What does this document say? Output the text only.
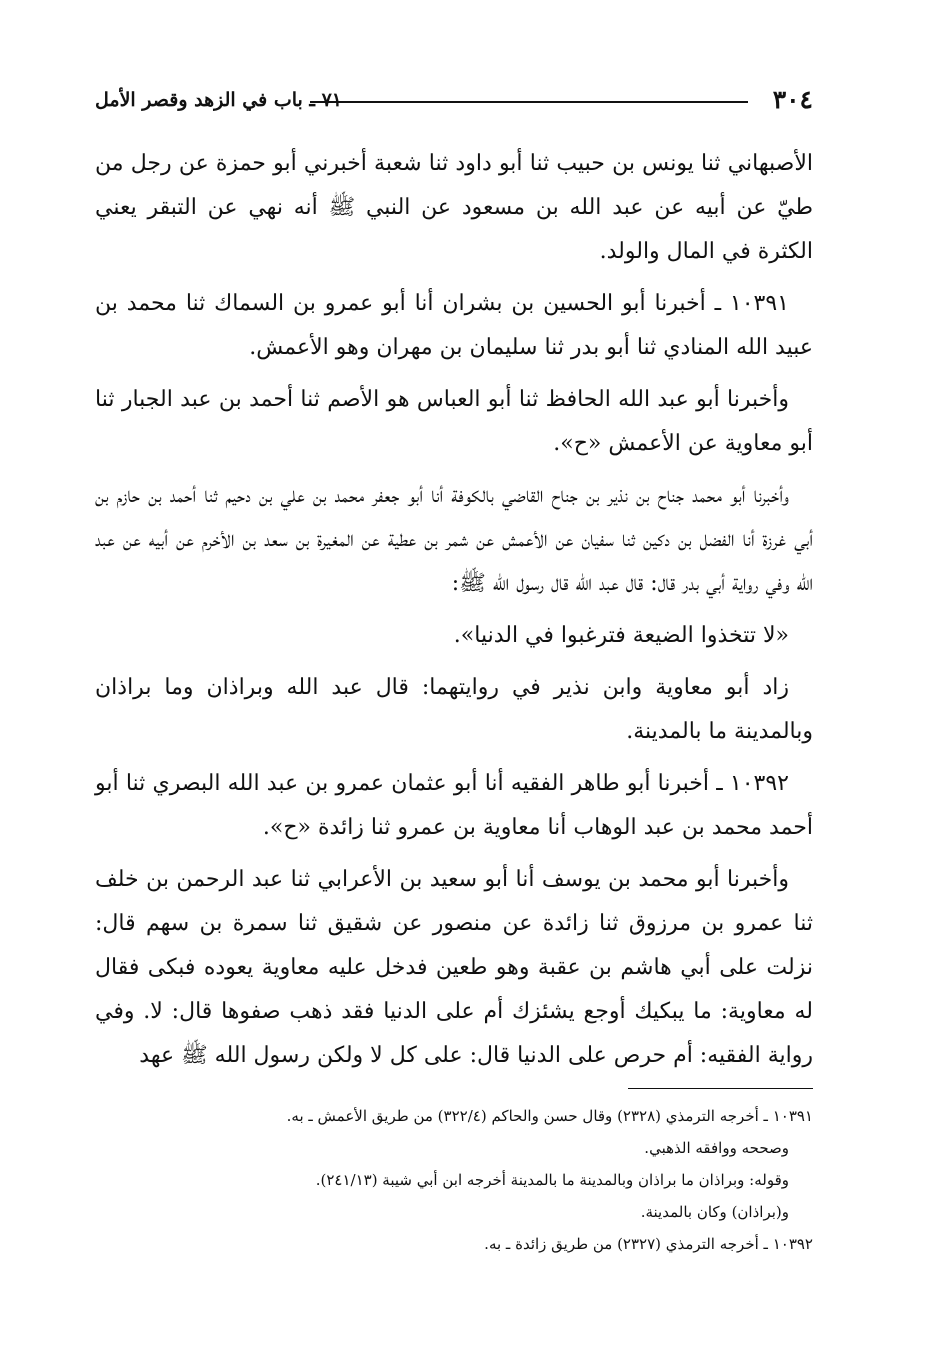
٣٠٤
٧١ ـ باب في الزهد وقصر الأمل

الأصبهاني ثنا يونس بن حبيب ثنا أبو داود ثنا شعبة أخبرني أبو حمزة عن رجل من طيّ عن أبيه عن عبد الله بن مسعود عن النبي ﷺ أنه نهي عن التبقر يعني الكثرة في المال والولد.

١٠٣٩١ ـ أخبرنا أبو الحسين بن بشران أنا أبو عمرو بن السماك ثنا محمد بن عبيد الله المنادي ثنا أبو بدر ثنا سليمان بن مهران وهو الأعمش.

وأخبرنا أبو عبد الله الحافظ ثنا أبو العباس هو الأصم ثنا أحمد بن عبد الجبار ثنا أبو معاوية عن الأعمش «ح».

وأخبرنا أبو محمد جناح بن نذير بن جناح القاضي بالكوفة أنا أبو جعفر محمد بن علي بن دحيم ثنا أحمد بن حازم بن أبي غرزة أنا الفضل بن دكين ثنا سفيان عن الأعمش عن شمر بن عطية عن المغيرة بن سعد بن الأخرم عن أبيه عن عبد الله وفي رواية أبي بدر قال: قال عبد الله قال رسول الله ﷺ:

«لا تتخذوا الضيعة فترغبوا في الدنيا».

زاد أبو معاوية وابن نذير في روايتهما: قال عبد الله وبراذان وما براذان وبالمدينة ما بالمدينة.

١٠٣٩٢ ـ أخبرنا أبو طاهر الفقيه أنا أبو عثمان عمرو بن عبد الله البصري ثنا أبو أحمد محمد بن عبد الوهاب أنا معاوية بن عمرو ثنا زائدة «ح».

وأخبرنا أبو محمد بن يوسف أنا أبو سعيد بن الأعرابي ثنا عبد الرحمن بن خلف ثنا عمرو بن مرزوق ثنا زائدة عن منصور عن شقيق ثنا سمرة بن سهم قال: نزلت على أبي هاشم بن عقبة وهو طعين فدخل عليه معاوية يعوده فبكى فقال له معاوية: ما يبكيك أوجع يشئزك أم على الدنيا فقد ذهب صفوها قال: لا. وفي رواية الفقيه: أم حرص على الدنيا قال: على كل لا ولكن رسول الله ﷺ عهد

١٠٣٩١ ـ أخرجه الترمذي (٢٣٢٨) وقال حسن والحاكم (٣٢٢/٤) من طريق الأعمش ـ به.

وصححه ووافقه الذهبي.

وقوله: وبراذان ما براذان وبالمدينة ما بالمدينة أخرجه ابن أبي شيبة (٢٤١/١٣).

و(براذان) وكان بالمدينة.

١٠٣٩٢ ـ أخرجه الترمذي (٢٣٢٧) من طريق زائدة ـ به.
